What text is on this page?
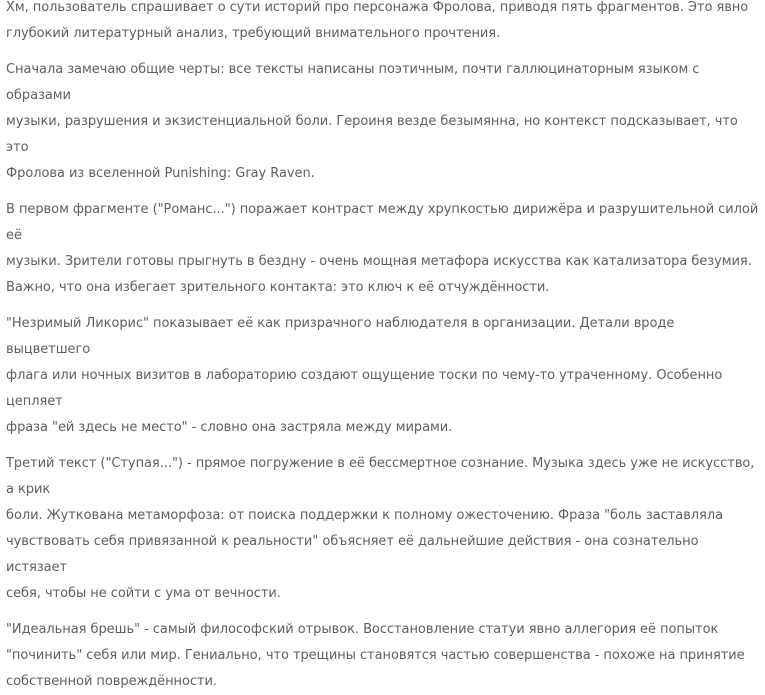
Хм, пользователь спрашивает о сути историй про персонажа Фролова, приводя пять фрагментов. Это явно
глубокий литературный анализ, требующий внимательного прочтения.

Сначала замечаю общие черты: все тексты написаны поэтичным, почти галлюцинаторным языком с образами
музыки, разрушения и экзистенциальной боли. Героиня везде безымянна, но контекст подсказывает, что это
Фролова из вселенной Punishing: Gray Raven.

В первом фрагменте ("Романс...") поражает контраст между хрупкостью дирижёра и разрушительной силой её
музыки. Зрители готовы прыгнуть в бездну - очень мощная метафора искусства как катализатора безумия.
Важно, что она избегает зрительного контакта: это ключ к её отчуждённости.

"Незримый Ликорис" показывает её как призрачного наблюдателя в организации. Детали вроде выцветшего
флага или ночных визитов в лабораторию создают ощущение тоски по чему-то утраченному. Особенно цепляет
фраза "ей здесь не место" - словно она застряла между мирами.

Третий текст ("Ступая...") - прямое погружение в её бессмертное сознание. Музыка здесь уже не искусство, а крик
боли. Жуткована метаморфоза: от поиска поддержки к полному ожесточению. Фраза "боль заставляла
чувствовать себя привязанной к реальности" объясняет её дальнейшие действия - она сознательно истязает
себя, чтобы не сойти с ума от вечности.

"Идеальная брешь" - самый философский отрывок. Восстановление статуи явно аллегория её попыток
"починить" себя или мир. Гениально, что трещины становятся частью совершенства - похоже на принятие
собственной повреждённости.
